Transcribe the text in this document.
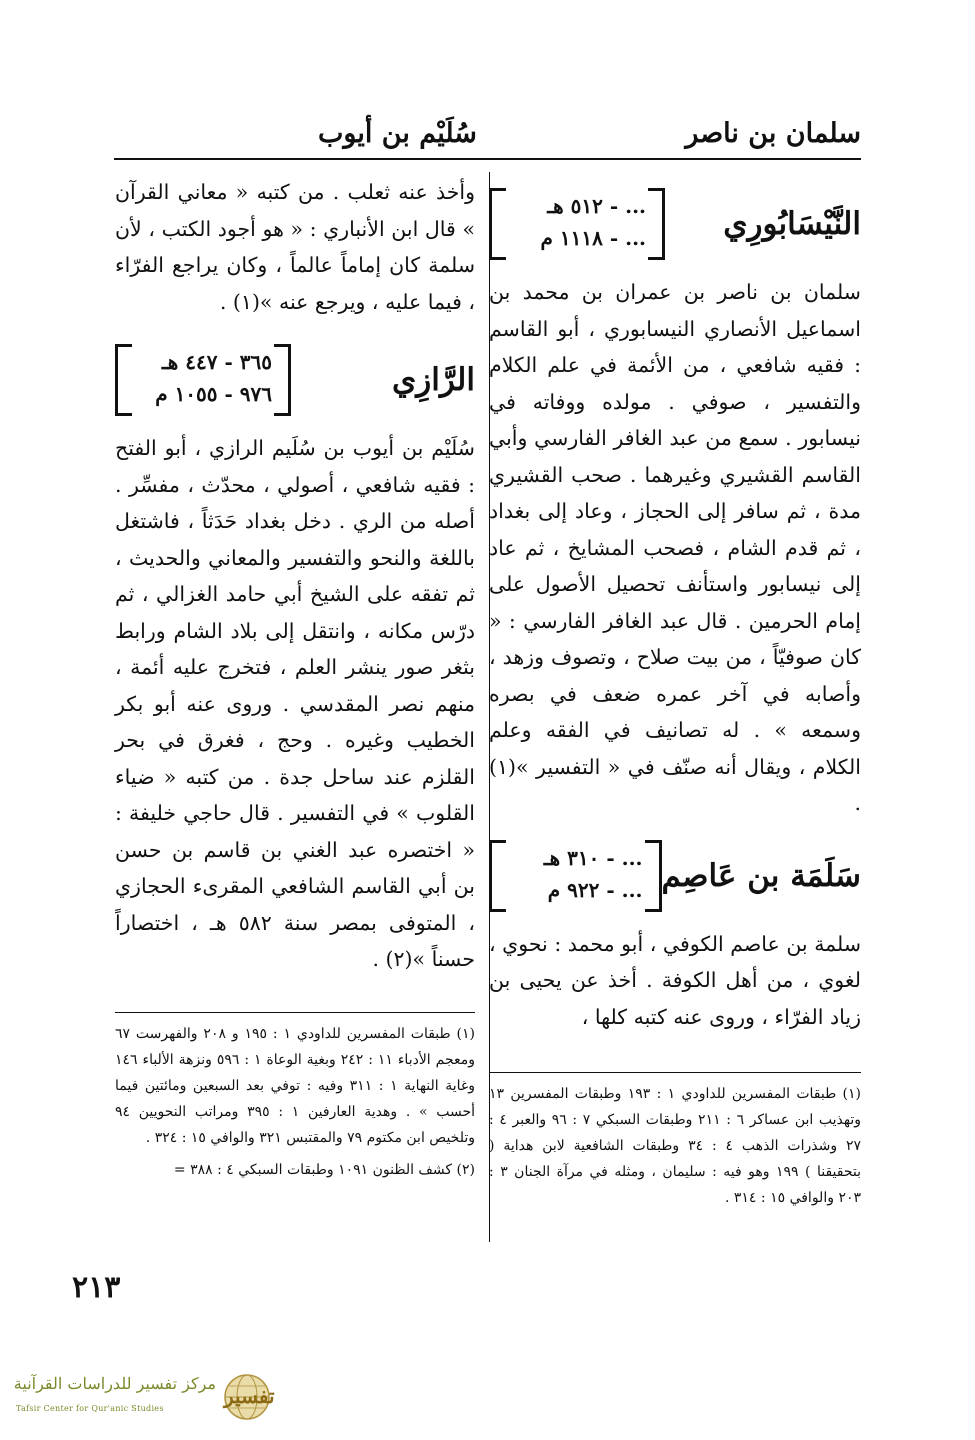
سلمان بن ناصر
سُلَيْم بن أيوب
النَّيْسَابُورِي
... - ٥١٢ هـ
... - ١١١٨ م

سلمان بن ناصر بن عمران بن محمد بن اسماعيل الأنصاري النيسابوري ، أبو القاسم : فقيه شافعي ، من الأئمة في علم الكلام والتفسير ، صوفي . مولده ووفاته في نيسابور . سمع من عبد الغافر الفارسي وأبي القاسم القشيري وغيرهما . صحب القشيري مدة ، ثم سافر إلى الحجاز ، وعاد إلى بغداد ، ثم قدم الشام ، فصحب المشايخ ، ثم عاد إلى نيسابور واستأنف تحصيل الأصول على إمام الحرمين . قال عبد الغافر الفارسي : « كان صوفيّاً ، من بيت صلاح ، وتصوف وزهد ، وأصابه في آخر عمره ضعف في بصره وسمعه » . له تصانيف في الفقه وعلم الكلام ، ويقال أنه صنّف في « التفسير »(١) .

سَلَمَة بن عَاصِم
... - ٣١٠ هـ
... - ٩٢٢ م

سلمة بن عاصم الكوفي ، أبو محمد : نحوي ، لغوي ، من أهل الكوفة . أخذ عن يحيى بن زياد الفرّاء ، وروى عنه كتبه كلها ،

وأخذ عنه ثعلب . من كتبه « معاني القرآن » قال ابن الأنباري : « هو أجود الكتب ، لأن سلمة كان إماماً عالماً ، وكان يراجع الفرّاء ، فيما عليه ، ويرجع عنه »(١) .

الرَّازِي
٣٦٥ - ٤٤٧ هـ
٩٧٦ - ١٠٥٥ م

سُلَيْم بن أيوب بن سُلَيم الرازي ، أبو الفتح : فقيه شافعي ، أصولي ، محدّث ، مفسِّر . أصله من الري . دخل بغداد حَدَثاً ، فاشتغل باللغة والنحو والتفسير والمعاني والحديث ، ثم تفقه على الشيخ أبي حامد الغزالي ، ثم درّس مكانه ، وانتقل إلى بلاد الشام ورابط بثغر صور ينشر العلم ، فتخرج عليه أئمة ، منهم نصر المقدسي . وروى عنه أبو بكر الخطيب وغيره . وحج ، فغرق في بحر القلزم عند ساحل جدة . من كتبه « ضياء القلوب » في التفسير . قال حاجي خليفة : « اختصره عبد الغني بن قاسم بن حسن بن أبي القاسم الشافعي المقرىء الحجازي ، المتوفى بمصر سنة ٥٨٢ هـ ، اختصاراً حسناً »(٢) .

(١) طبقات المفسرين للداودي ١ : ١٩٣ وطبقات المفسرين ١٣ وتهذيب ابن عساكر ٦ : ٢١١ وطبقات السبكي ٧ : ٩٦ والعبر ٤ : ٢٧ وشذرات الذهب ٤ : ٣٤ وطبقات الشافعية لابن هداية ( بتحقيقنا ) ١٩٩ وهو فيه : سليمان ، ومثله في مرآة الجنان ٣ : ٢٠٣ والوافي ١٥ : ٣١٤ .

(١) طبقات المفسرين للداودي ١ : ١٩٥ و ٢٠٨ والفهرست ٦٧ ومعجم الأدباء ١١ : ٢٤٢ وبغية الوعاة ١ : ٥٩٦ ونزهة الألباء ١٤٦ وغاية النهاية ١ : ٣١١ وفيه : توفي بعد السبعين ومائتين فيما أحسب » . وهدية العارفين ١ : ٣٩٥ ومراتب النحويين ٩٤ وتلخيص ابن مكتوم ٧٩ والمقتبس ٣٢١ والوافي ١٥ : ٣٢٤ .

(٢) كشف الظنون ١٠٩١ وطبقات السبكي ٤ : ٣٨٨ =

٢١٣
تفسير
مركز تفسير للدراسات القرآنية
Tafsir Center for Qur'anic Studies
